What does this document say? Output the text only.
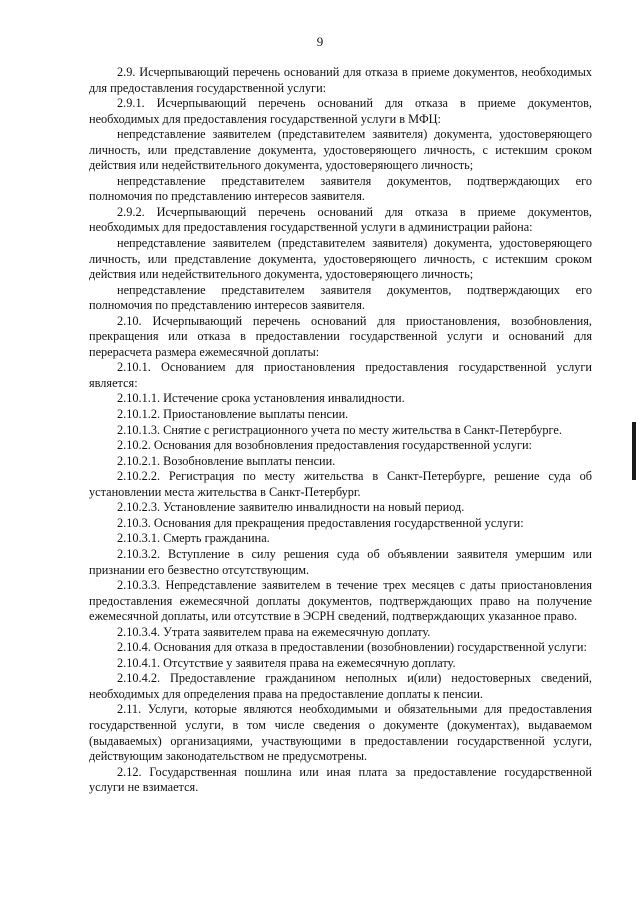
9

2.9. Исчерпывающий перечень оснований для отказа в приеме документов, необходимых для предоставления государственной услуги:

2.9.1. Исчерпывающий перечень оснований для отказа в приеме документов, необходимых для предоставления государственной услуги в МФЦ:

непредставление заявителем (представителем заявителя) документа, удостоверяющего личность, или представление документа, удостоверяющего личность, с истекшим сроком действия или недействительного документа, удостоверяющего личность;

непредставление представителем заявителя документов, подтверждающих его полномочия по представлению интересов заявителя.

2.9.2. Исчерпывающий перечень оснований для отказа в приеме документов, необходимых для предоставления государственной услуги в администрации района:

непредставление заявителем (представителем заявителя) документа, удостоверяющего личность, или представление документа, удостоверяющего личность, с истекшим сроком действия или недействительного документа, удостоверяющего личность;

непредставление представителем заявителя документов, подтверждающих его полномочия по представлению интересов заявителя.

2.10. Исчерпывающий перечень оснований для приостановления, возобновления, прекращения или отказа в предоставлении государственной услуги и оснований для перерасчета размера ежемесячной доплаты:

2.10.1. Основанием для приостановления предоставления государственной услуги является:

2.10.1.1. Истечение срока установления инвалидности.

2.10.1.2. Приостановление выплаты пенсии.

2.10.1.3. Снятие с регистрационного учета по месту жительства в Санкт-Петербурге.

2.10.2. Основания для возобновления предоставления государственной услуги:

2.10.2.1. Возобновление выплаты пенсии.

2.10.2.2. Регистрация по месту жительства в Санкт-Петербурге, решение суда об установлении места жительства в Санкт-Петербург.

2.10.2.3. Установление заявителю инвалидности на новый период.

2.10.3. Основания для прекращения предоставления государственной услуги:

2.10.3.1. Смерть гражданина.

2.10.3.2. Вступление в силу решения суда об объявлении заявителя умершим или признании его безвестно отсутствующим.

2.10.3.3. Непредставление заявителем в течение трех месяцев с даты приостановления предоставления ежемесячной доплаты документов, подтверждающих право на получение ежемесячной доплаты, или отсутствие в ЭСРН сведений, подтверждающих указанное право.

2.10.3.4. Утрата заявителем права на ежемесячную доплату.

2.10.4. Основания для отказа в предоставлении (возобновлении) государственной услуги:

2.10.4.1. Отсутствие у заявителя права на ежемесячную доплату.

2.10.4.2. Предоставление гражданином неполных и(или) недостоверных сведений, необходимых для определения права на предоставление доплаты к пенсии.

2.11. Услуги, которые являются необходимыми и обязательными для предоставления государственной услуги, в том числе сведения о документе (документах), выдаваемом (выдаваемых) организациями, участвующими в предоставлении государственной услуги, действующим законодательством не предусмотрены.

2.12. Государственная пошлина или иная плата за предоставление государственной услуги не взимается.
